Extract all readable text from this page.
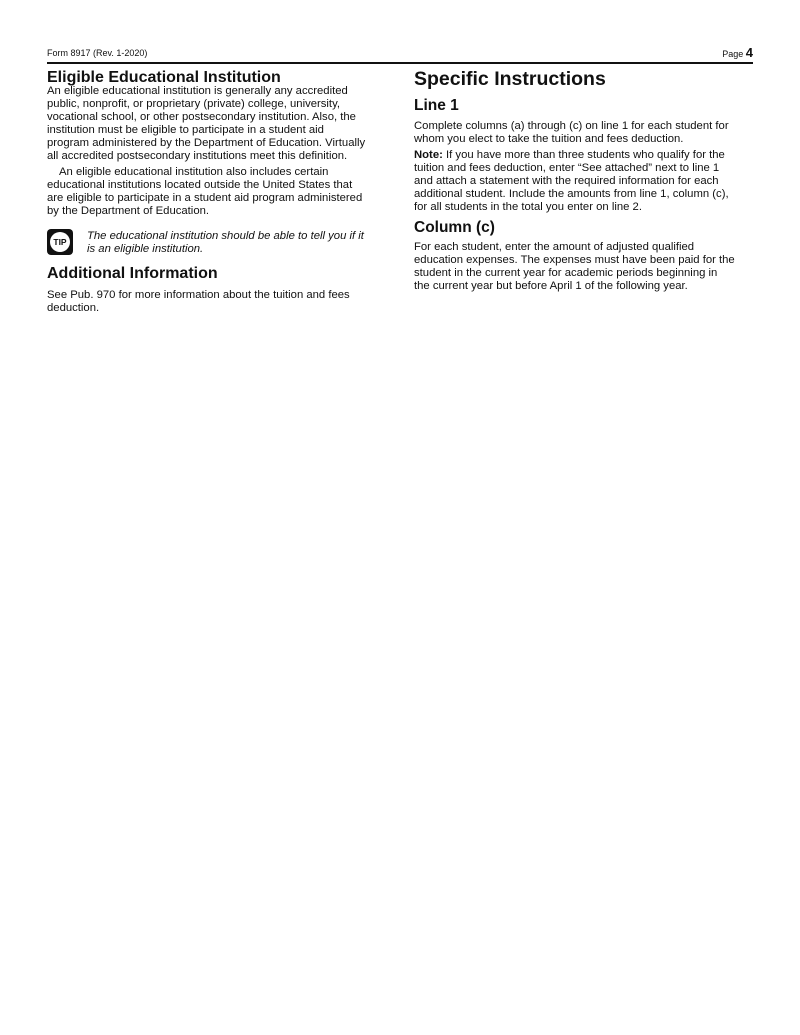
Form 8917 (Rev. 1-2020)	Page 4
Eligible Educational Institution
An eligible educational institution is generally any accredited
public, nonprofit, or proprietary (private) college, university,
vocational school, or other postsecondary institution. Also, the
institution must be eligible to participate in a student aid
program administered by the Department of Education. Virtually
all accredited postsecondary institutions meet this definition.
An eligible educational institution also includes certain
educational institutions located outside the United States that
are eligible to participate in a student aid program administered
by the Department of Education.
TIP	The educational institution should be able to tell you if it
is an eligible institution.
Additional Information
See Pub. 970 for more information about the tuition and fees
deduction.
Specific Instructions
Line 1
Complete columns (a) through (c) on line 1 for each student for
whom you elect to take the tuition and fees deduction.
Note: If you have more than three students who qualify for the
tuition and fees deduction, enter “See attached” next to line 1
and attach a statement with the required information for each
additional student. Include the amounts from line 1, column (c),
for all students in the total you enter on line 2.
Column (c)
For each student, enter the amount of adjusted qualified
education expenses. The expenses must have been paid for the
student in the current year for academic periods beginning in
the current year but before April 1 of the following year.
